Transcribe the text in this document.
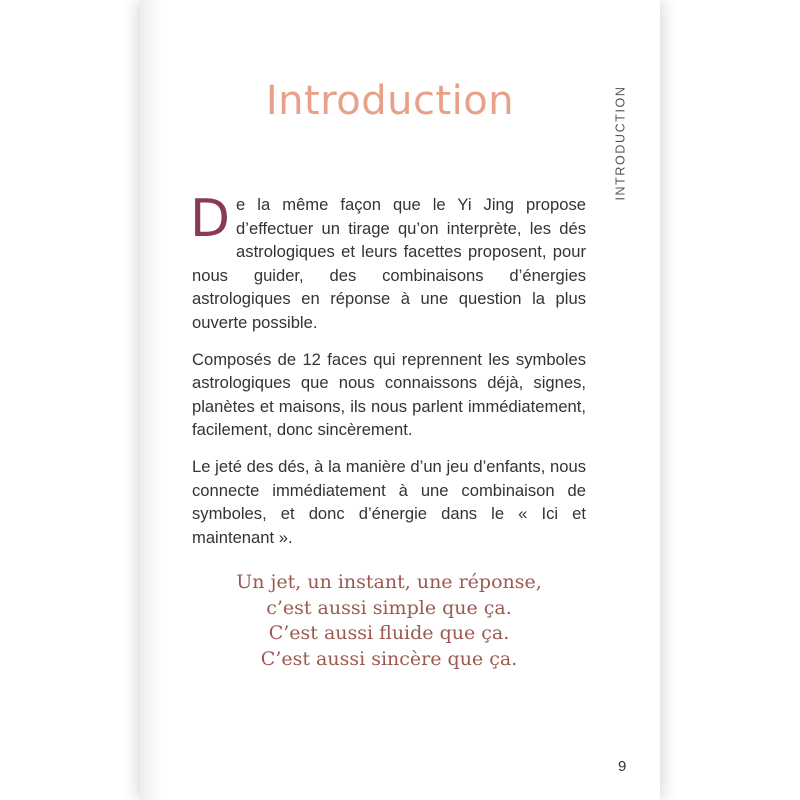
Introduction	INTRODUCTION

De la même façon que le Yi Jing propose d’effectuer un tirage qu’on interprète, les dés astrologiques et leurs facettes proposent, pour nous guider, des combinaisons d’énergies astrologiques en réponse à une question la plus ouverte possible.

Composés de 12 faces qui reprennent les symboles astrologiques que nous connaissons déjà, signes, planètes et maisons, ils nous parlent immédiatement, facilement, donc sincèrement.

Le jeté des dés, à la manière d’un jeu d’enfants, nous connecte immédiatement à une combinaison de symboles, et donc d’énergie dans le « Ici et maintenant ».

Un jet, un instant, une réponse,
c’est aussi simple que ça.
C’est aussi fluide que ça.
C’est aussi sincère que ça.
9
